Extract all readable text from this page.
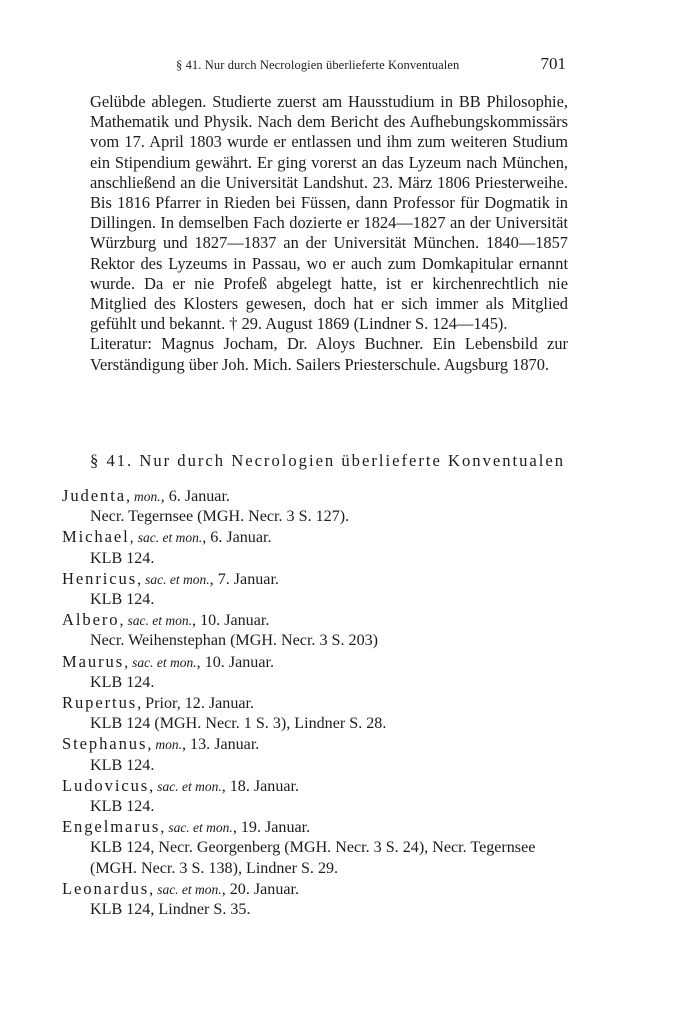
§ 41. Nur durch Necrologien überlieferte Konventualen	701

Gelübde ablegen. Studierte zuerst am Hausstudium in BB Philosophie, Mathematik und Physik. Nach dem Bericht des Aufhebungskommissärs vom 17. April 1803 wurde er entlassen und ihm zum weiteren Studium ein Stipendium gewährt. Er ging vorerst an das Lyzeum nach München, anschließend an die Universität Landshut. 23. März 1806 Priesterweihe. Bis 1816 Pfarrer in Rieden bei Füssen, dann Professor für Dogmatik in Dillingen. In demselben Fach dozierte er 1824—1827 an der Universität Würzburg und 1827—1837 an der Universität München. 1840—1857 Rektor des Lyzeums in Passau, wo er auch zum Domkapitular ernannt wurde. Da er nie Profeß abgelegt hatte, ist er kirchenrechtlich nie Mitglied des Klosters gewesen, doch hat er sich immer als Mitglied gefühlt und bekannt. † 29. August 1869 (Lindner S. 124—145).

Literatur: Magnus Jocham, Dr. Aloys Buchner. Ein Lebensbild zur Verständigung über Joh. Mich. Sailers Priesterschule. Augsburg 1870.

§ 41. Nur durch Necrologien überlieferte Konventualen

Judenta, mon., 6. Januar.

Necr. Tegernsee (MGH. Necr. 3 S. 127).

Michael, sac. et mon., 6. Januar.

KLB 124.

Henricus, sac. et mon., 7. Januar.

KLB 124.

Albero, sac. et mon., 10. Januar.

Necr. Weihenstephan (MGH. Necr. 3 S. 203)

Maurus, sac. et mon., 10. Januar.

KLB 124.

Rupertus, Prior, 12. Januar.

KLB 124 (MGH. Necr. 1 S. 3), Lindner S. 28.

Stephanus, mon., 13. Januar.

KLB 124.

Ludovicus, sac. et mon., 18. Januar.

KLB 124.

Engelmarus, sac. et mon., 19. Januar.

KLB 124, Necr. Georgenberg (MGH. Necr. 3 S. 24), Necr. Tegernsee (MGH. Necr. 3 S. 138), Lindner S. 29.

Leonardus, sac. et mon., 20. Januar.

KLB 124, Lindner S. 35.
